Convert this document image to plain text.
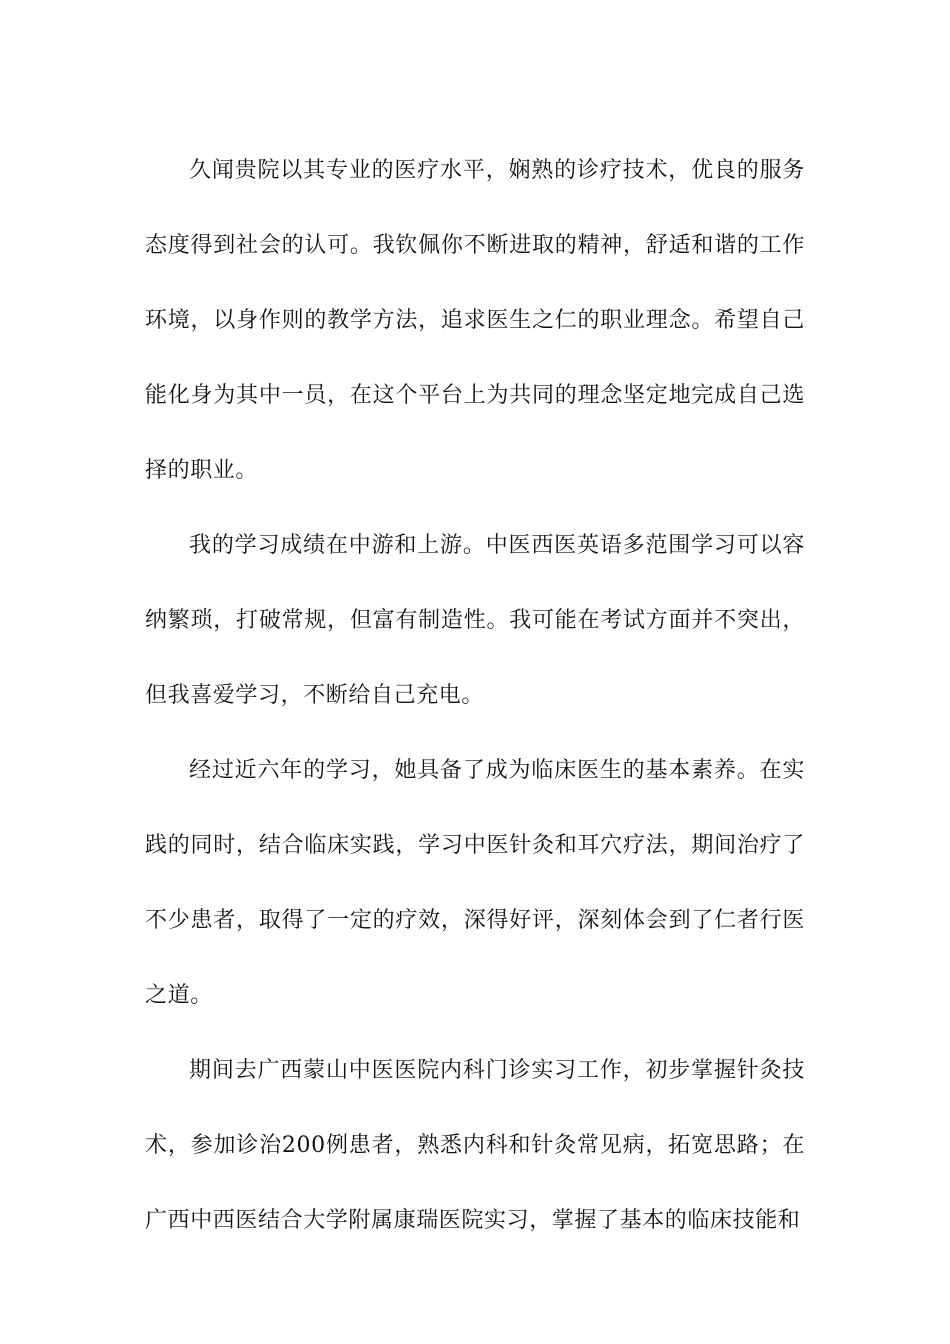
久闻贵院以其专业的医疗水平，娴熟的诊疗技术，优良的服务态度得到社会的认可。我钦佩你不断进取的精神，舒适和谐的工作环境，以身作则的教学方法，追求医生之仁的职业理念。希望自己能化身为其中一员，在这个平台上为共同的理念坚定地完成自己选择的职业。

我的学习成绩在中游和上游。中医西医英语多范围学习可以容纳繁琐，打破常规，但富有制造性。我可能在考试方面并不突出，但我喜爱学习，不断给自己充电。

经过近六年的学习，她具备了成为临床医生的基本素养。在实践的同时，结合临床实践，学习中医针灸和耳穴疗法，期间治疗了不少患者，取得了一定的疗效，深得好评，深刻体会到了仁者行医之道。

期间去广西蒙山中医医院内科门诊实习工作，初步掌握针灸技术，参加诊治200例患者，熟悉内科和针灸常见病，拓宽思路；在广西中西医结合大学附属康瑞医院实习，掌握了基本的临床技能和
